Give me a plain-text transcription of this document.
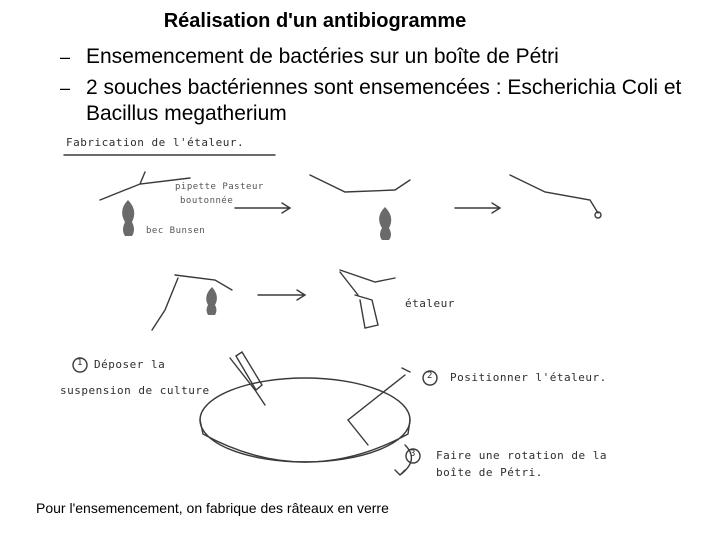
Réalisation d'un antibiogramme
– Ensemencement de bactéries sur un boîte de Pétri
– 2 souches bactériennes sont ensemencées : Escherichia Coli et Bacillus megatherium
Fabrication de l'étaleur.
pipette Pasteur
boutonnée
bec Bunsen
étaleur
1 Déposer la
suspension de culture
2 Positionner l'étaleur.
3 Faire une rotation de la
boîte de Pétri.
Pour l'ensemencement, on fabrique des râteaux en verre
